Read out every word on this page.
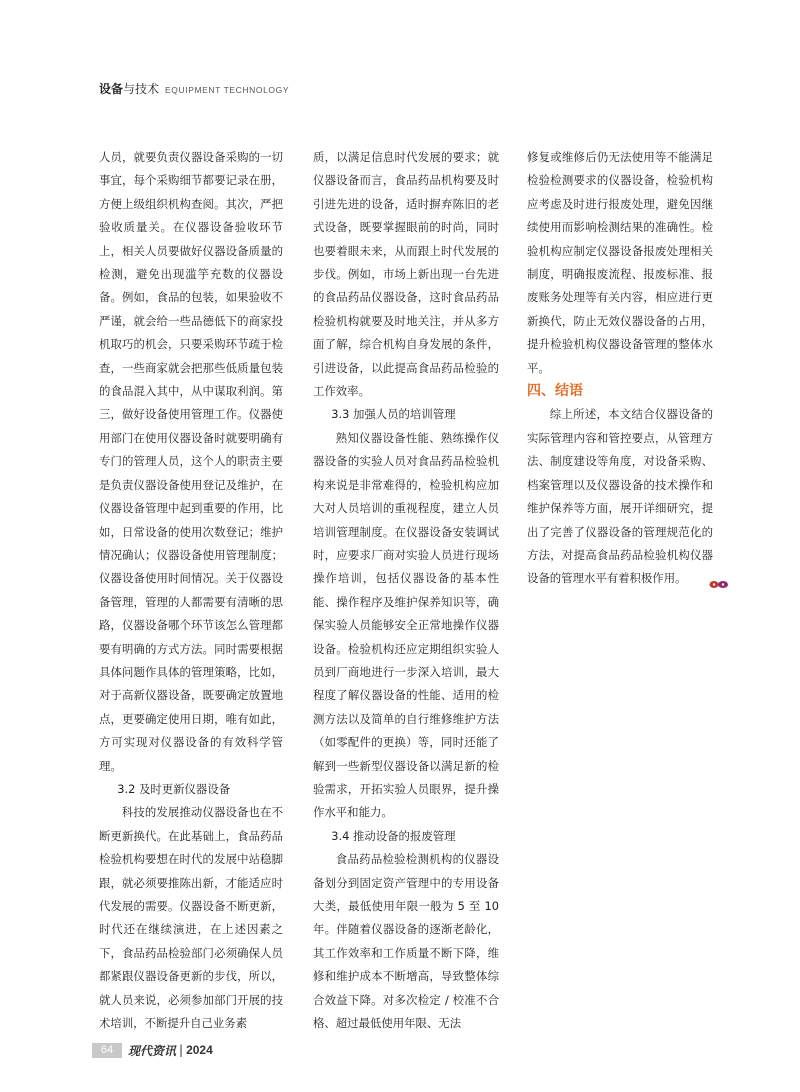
设备与技术 EQUIPMENT TECHNOLOGY

人员，就要负责仪器设备采购的一切事宜，每个采购细节都要记录在册，方便上级组织机构查阅。其次，严把验收质量关。在仪器设备验收环节上，相关人员要做好仪器设备质量的检测，避免出现滥竽充数的仪器设备。例如，食品的包装，如果验收不严谨，就会给一些品德低下的商家投机取巧的机会，只要采购环节疏于检查，一些商家就会把那些低质量包装的食品混入其中，从中谋取利润。第三，做好设备使用管理工作。仪器使用部门在使用仪器设备时就要明确有专门的管理人员，这个人的职责主要是负责仪器设备使用登记及维护，在仪器设备管理中起到重要的作用，比如，日常设备的使用次数登记；维护情况确认；仪器设备使用管理制度；仪器设备使用时间情况。关于仪器设备管理，管理的人都需要有清晰的思路，仪器设备哪个环节该怎么管理都要有明确的方式方法。同时需要根据具体问题作具体的管理策略，比如，对于高新仪器设备，既要确定放置地点，更要确定使用日期，唯有如此，方可实现对仪器设备的有效科学管理。

3.2 及时更新仪器设备

科技的发展推动仪器设备也在不断更新换代。在此基础上，食品药品检验机构要想在时代的发展中站稳脚跟，就必须要推陈出新，才能适应时代发展的需要。仪器设备不断更新，时代还在继续演进，在上述因素之下，食品药品检验部门必须确保人员都紧跟仪器设备更新的步伐，所以，就人员来说，必须参加部门开展的技术培训，不断提升自己业务素

质，以满足信息时代发展的要求；就仪器设备而言，食品药品机构要及时引进先进的设备，适时摒弃陈旧的老式设备，既要掌握眼前的时尚，同时也要着眼未来，从而跟上时代发展的步伐。例如，市场上新出现一台先进的食品药品仪器设备，这时食品药品检验机构就要及时地关注，并从多方面了解，综合机构自身发展的条件，引进设备，以此提高食品药品检验的工作效率。

3.3 加强人员的培训管理

熟知仪器设备性能、熟练操作仪器设备的实验人员对食品药品检验机构来说是非常难得的，检验机构应加大对人员培训的重视程度，建立人员培训管理制度。在仪器设备安装调试时，应要求厂商对实验人员进行现场操作培训，包括仪器设备的基本性能、操作程序及维护保养知识等，确保实验人员能够安全正常地操作仪器设备。检验机构还应定期组织实验人员到厂商地进行一步深入培训，最大程度了解仪器设备的性能、适用的检测方法以及简单的自行维修维护方法（如零配件的更换）等，同时还能了解到一些新型仪器设备以满足新的检验需求，开拓实验人员眼界，提升操作水平和能力。

3.4 推动设备的报废管理

食品药品检验检测机构的仪器设备划分到固定资产管理中的专用设备大类，最低使用年限一般为 5 至 10 年。伴随着仪器设备的逐渐老龄化，其工作效率和工作质量不断下降，维修和维护成本不断增高，导致整体综合效益下降。对多次检定 / 校准不合格、超过最低使用年限、无法

修复或维修后仍无法使用等不能满足检验检测要求的仪器设备，检验机构应考虑及时进行报废处理，避免因继续使用而影响检测结果的准确性。检验机构应制定仪器设备报废处理相关制度，明确报废流程、报废标准、报废账务处理等有关内容，相应进行更新换代，防止无效仪器设备的占用，提升检验机构仪器设备管理的整体水平。

四、结语

综上所述，本文结合仪器设备的实际管理内容和管控要点，从管理方法、制度建设等角度，对设备采购、档案管理以及仪器设备的技术操作和维护保养等方面，展开详细研究，提出了完善了仪器设备的管理规范化的方法，对提高食品药品检验机构仪器设备的管理水平有着积极作用。

64	现代资讯 | 2024
